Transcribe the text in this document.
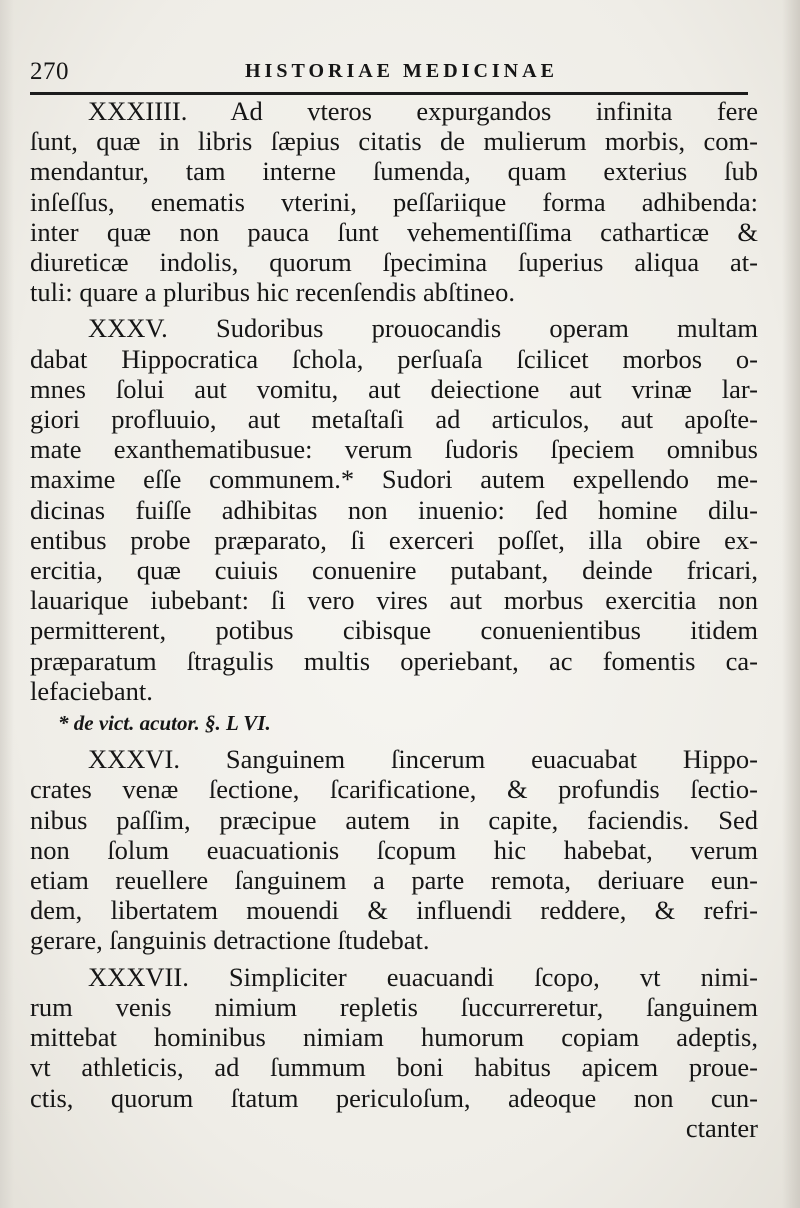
270	HISTORIAE MEDICINAE
XXXIIII. Ad vteros expurgandos infinita fere
ſunt, quæ in libris ſæpius citatis de mulierum morbis, com-
mendantur, tam interne ſumenda, quam exterius ſub
inſeſſus, enematis vterini, peſſariique forma adhibenda:
inter quæ non pauca ſunt vehementiſſima catharticæ &
diureticæ indolis, quorum ſpecimina ſuperius aliqua at-
tuli: quare a pluribus hic recenſendis abſtineo.
XXXV. Sudoribus prouocandis operam multam
dabat Hippocratica ſchola, perſuaſa ſcilicet morbos o-
mnes ſolui aut vomitu, aut deiectione aut vrinæ lar-
giori profluuio, aut metaſtaſi ad articulos, aut apoſte-
mate exanthematibusue: verum ſudoris ſpeciem omnibus
maxime eſſe communem.* Sudori autem expellendo me-
dicinas fuiſſe adhibitas non inuenio: ſed homine dilu-
entibus probe præparato, ſi exerceri poſſet, illa obire ex-
ercitia, quæ cuiuis conuenire putabant, deinde fricari,
lauarique iubebant: ſi vero vires aut morbus exercitia non
permitterent, potibus cibisque conuenientibus itidem
præparatum ſtragulis multis operiebant, ac fomentis ca-
lefaciebant.
* de vict. acutor. §. L VI.
XXXVI. Sanguinem ſincerum euacuabat Hippo-
crates venæ ſectione, ſcarificatione, & profundis ſectio-
nibus paſſim, præcipue autem in capite, faciendis. Sed
non ſolum euacuationis ſcopum hic habebat, verum
etiam reuellere ſanguinem a parte remota, deriuare eun-
dem, libertatem mouendi & influendi reddere, & refri-
gerare, ſanguinis detractione ſtudebat.
XXXVII. Simpliciter euacuandi ſcopo, vt nimi-
rum venis nimium repletis ſuccurreretur, ſanguinem
mittebat hominibus nimiam humorum copiam adeptis,
vt athleticis, ad ſummum boni habitus apicem proue-
ctis, quorum ſtatum periculoſum, adeoque non cun-
ctanter
